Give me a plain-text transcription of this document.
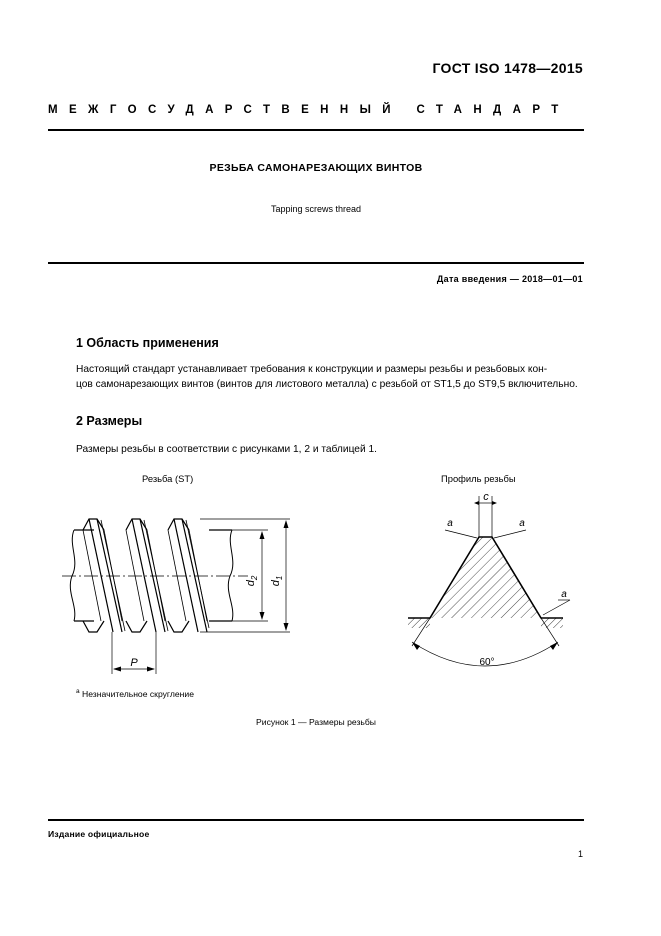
ГОСТ ISO 1478—2015
МЕЖГОСУДАРСТВЕННЫЙ СТАНДАРТ
РЕЗЬБА САМОНАРЕЗАЮЩИХ ВИНТОВ
Tapping screws thread
Дата введения — 2018—01—01
1 Область применения
Настоящий стандарт устанавливает требования к конструкции и размеры резьбы и резьбовых кон-
цов самонарезающих винтов (винтов для листового металла) с резьбой от ST1,5 до ST9,5 включительно.
2 Размеры
Размеры резьбы в соответствии с рисунками 1, 2 и таблицей 1.
Резьба (ST)	Профиль резьбы
$d_2$
$d_1$
P
c
a	a
a
60°
$^a$ Незначительное скругление
Рисунок 1 — Размеры резьбы
Издание официальное
1
